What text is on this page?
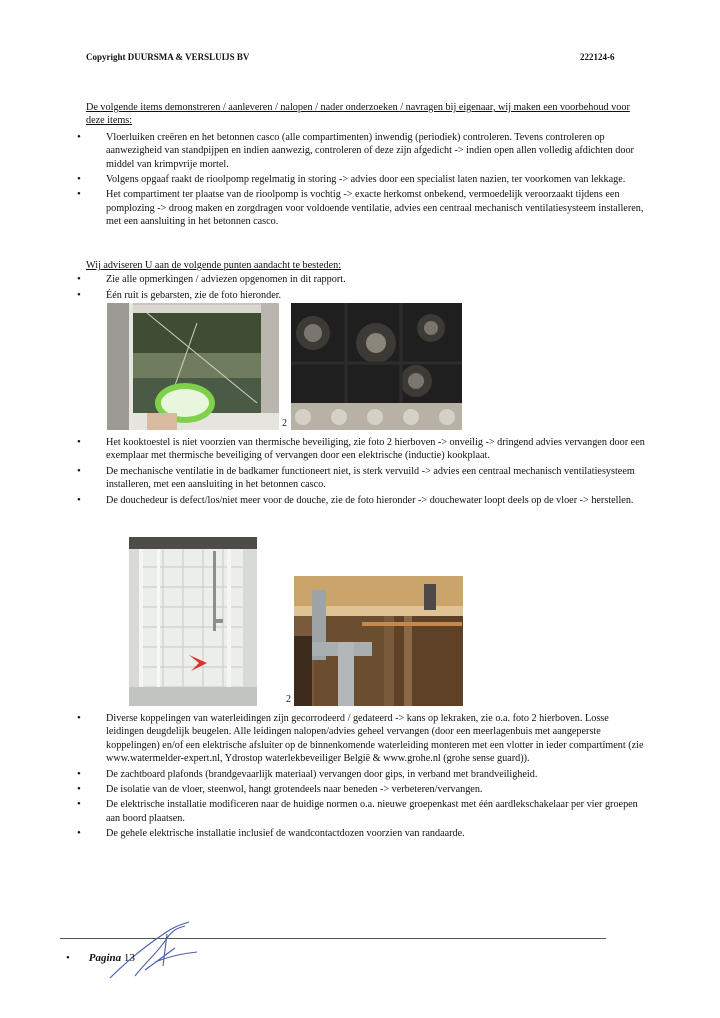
Copyright DUURSMA & VERSLUIJS BV	222124-6
De volgende items demonstreren / aanleveren / nalopen / nader onderzoeken / navragen bij eigenaar, wij maken een voorbehoud voor deze items:
• Vloerluiken creëren en het betonnen casco (alle compartimenten) inwendig (periodiek) controleren. Tevens controleren op aanwezigheid van standpijpen en indien aanwezig, controleren of deze zijn afgedicht -> indien open allen volledig afdichten door middel van krimpvrije mortel.
• Volgens opgaaf raakt de rioolpomp regelmatig in storing -> advies door een specialist laten nazien, ter voorkomen van lekkage.
• Het compartiment ter plaatse van de rioolpomp is vochtig -> exacte herkomst onbekend, vermoedelijk veroorzaakt tijdens een pomplozing -> droog maken en zorgdragen voor voldoende ventilatie, advies een centraal mechanisch ventilatiesysteem installeren, met een aansluiting in het betonnen casco.
Wij adviseren U aan de volgende punten aandacht te besteden:
• Zie alle opmerkingen / adviezen opgenomen in dit rapport.
• Één ruit is gebarsten, zie de foto hieronder.
2
• Het kooktoestel is niet voorzien van thermische beveiliging, zie foto 2 hierboven -> onveilig -> dringend advies vervangen door een exemplaar met thermische beveiliging of vervangen door een elektrische (inductie) kookplaat.
• De mechanische ventilatie in de badkamer functioneert niet, is sterk vervuild -> advies een centraal mechanisch ventilatiesysteem installeren, met een aansluiting in het betonnen casco.
• De douchedeur is defect/los/niet meer voor de douche, zie de foto hieronder -> douchewater loopt deels op de vloer -> herstellen.
2
• Diverse koppelingen van waterleidingen zijn gecorrodeerd / gedateerd -> kans op lekraken, zie o.a. foto 2 hierboven. Losse leidingen deugdelijk beugelen. Alle leidingen nalopen/advies geheel vervangen (door een meerlagenbuis met aangeperste koppelingen) en/of een elektrische afsluiter op de binnenkomende waterleiding monteren met een vlotter in ieder compartiment (zie www.watermelder-expert.nl, Ydrostop waterlekbeveiliger België & www.grohe.nl (grohe sense guard)).
• De zachtboard plafonds (brandgevaarlijk materiaal) vervangen door gips, in verband met brandveiligheid.
• De isolatie van de vloer, steenwol, hangt grotendeels naar beneden -> verbeteren/vervangen.
• De elektrische installatie modificeren naar de huidige normen o.a. nieuwe groepenkast met één aardlekschakelaar per vier groepen aan boord plaatsen.
• De gehele elektrische installatie inclusief de wandcontactdozen voorzien van randaarde.
• Pagina 13
